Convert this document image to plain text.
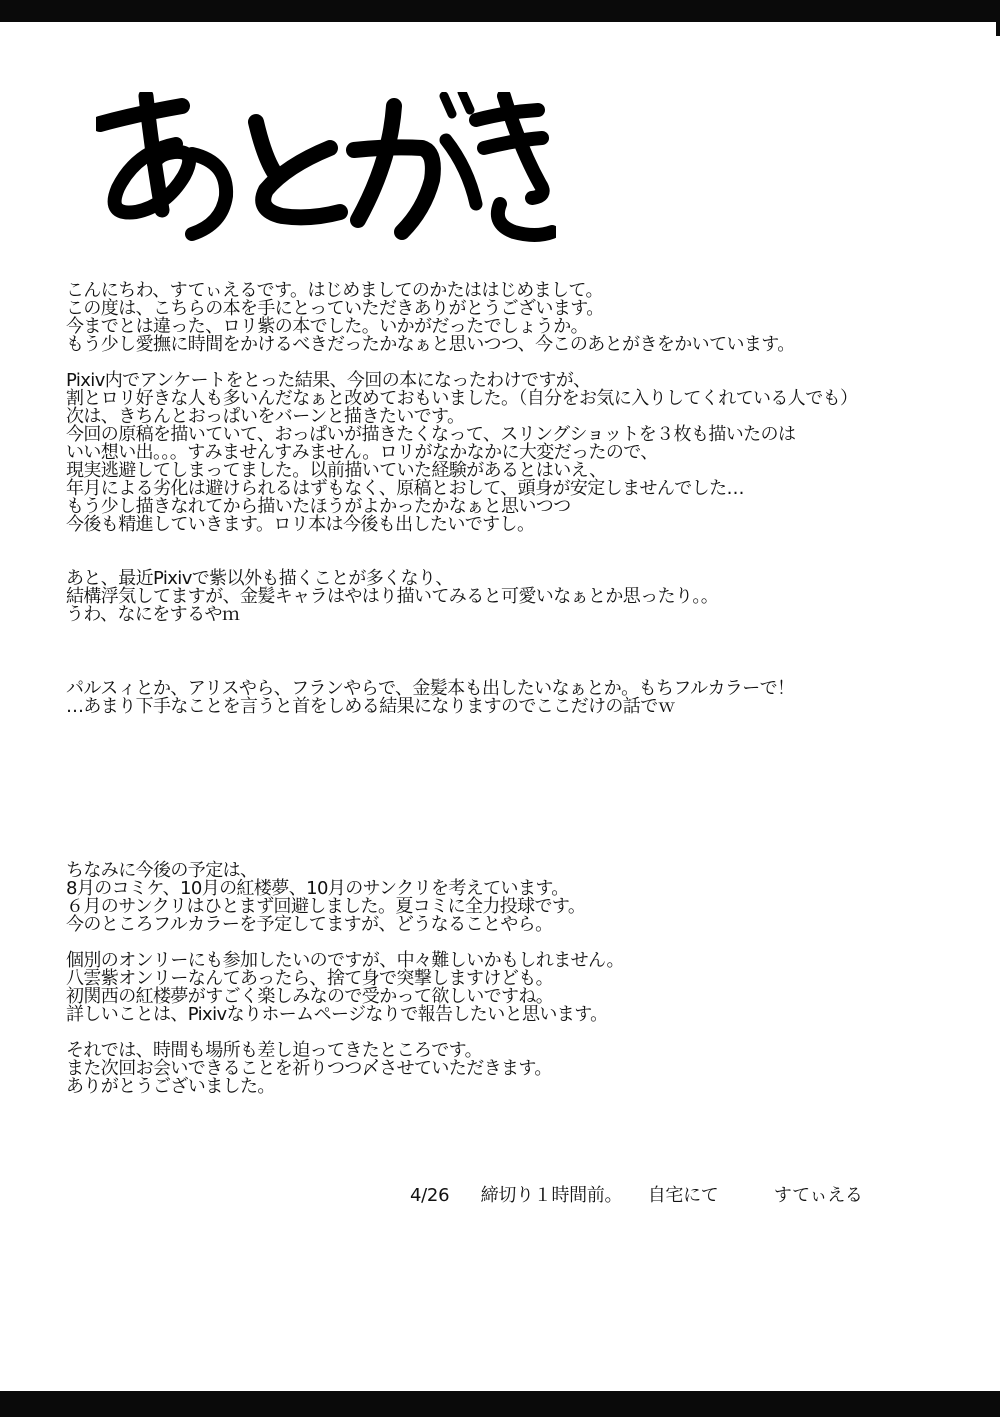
こんにちわ、すてぃえるです。はじめましてのかたははじめまして。
この度は、こちらの本を手にとっていただきありがとうございます。
今までとは違った、ロリ紫の本でした。いかがだったでしょうか。
もう少し愛撫に時間をかけるべきだったかなぁと思いつつ、今このあとがきをかいています。
Pixiv内でアンケートをとった結果、今回の本になったわけですが、
割とロリ好きな人も多いんだなぁと改めておもいました。（自分をお気に入りしてくれている人でも）
次は、きちんとおっぱいをバーンと描きたいです。
今回の原稿を描いていて、おっぱいが描きたくなって、スリングショットを３枚も描いたのは
いい想い出。。。すみませんすみません。ロリがなかなかに大変だったので、
現実逃避してしまってました。以前描いていた経験があるとはいえ、
年月による劣化は避けられるはずもなく、原稿とおして、頭身が安定しませんでした…
もう少し描きなれてから描いたほうがよかったかなぁと思いつつ
今後も精進していきます。ロリ本は今後も出したいですし。
あと、最近Pixivで紫以外も描くことが多くなり、
結構浮気してますが、金髪キャラはやはり描いてみると可愛いなぁとか思ったり。。
うわ、なにをするやｍ
パルスィとか、アリスやら、フランやらで、金髪本も出したいなぁとか。もちフルカラーで！
…あまり下手なことを言うと首をしめる結果になりますのでここだけの話でｗ
ちなみに今後の予定は、
8月のコミケ、10月の紅楼夢、10月のサンクリを考えています。
６月のサンクリはひとまず回避しました。夏コミに全力投球です。
今のところフルカラーを予定してますが、どうなることやら。
個別のオンリーにも参加したいのですが、中々難しいかもしれません。
八雲紫オンリーなんてあったら、捨て身で突撃しますけども。
初関西の紅楼夢がすごく楽しみなので受かって欲しいですね。
詳しいことは、Pixivなりホームページなりで報告したいと思います。
それでは、時間も場所も差し迫ってきたところです。
また次回お会いできることを祈りつつ〆させていただきます。
ありがとうございました。
4/26 締切り１時間前。 自宅にて	すてぃえる
